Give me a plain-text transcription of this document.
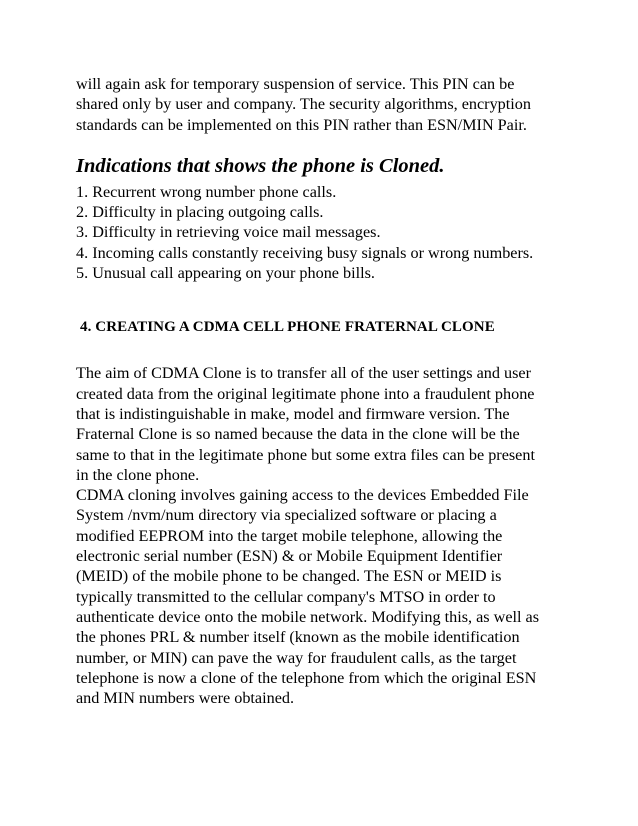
will again ask for temporary suspension of service. This PIN can be
shared only by user and company. The security algorithms, encryption
standards can be implemented on this PIN rather than ESN/MIN Pair.

Indications that shows the phone is Cloned.
1. Recurrent wrong number phone calls.
2. Difficulty in placing outgoing calls.
3. Difficulty in retrieving voice mail messages.
4. Incoming calls constantly receiving busy signals or wrong numbers.
5. Unusual call appearing on your phone bills.
4. CREATING A CDMA CELL PHONE FRATERNAL CLONE

The aim of CDMA Clone is to transfer all of the user settings and user
created data from the original legitimate phone into a fraudulent phone
that is indistinguishable in make, model and firmware version. The
Fraternal Clone is so named because the data in the clone will be the
same to that in the legitimate phone but some extra files can be present
in the clone phone.

CDMA cloning involves gaining access to the devices Embedded File
System /nvm/num directory via specialized software or placing a
modified EEPROM into the target mobile telephone, allowing the
electronic serial number (ESN) & or Mobile Equipment Identifier
(MEID) of the mobile phone to be changed. The ESN or MEID is
typically transmitted to the cellular company's MTSO in order to
authenticate device onto the mobile network. Modifying this, as well as
the phones PRL & number itself (known as the mobile identification
number, or MIN) can pave the way for fraudulent calls, as the target
telephone is now a clone of the telephone from which the original ESN
and MIN numbers were obtained.
